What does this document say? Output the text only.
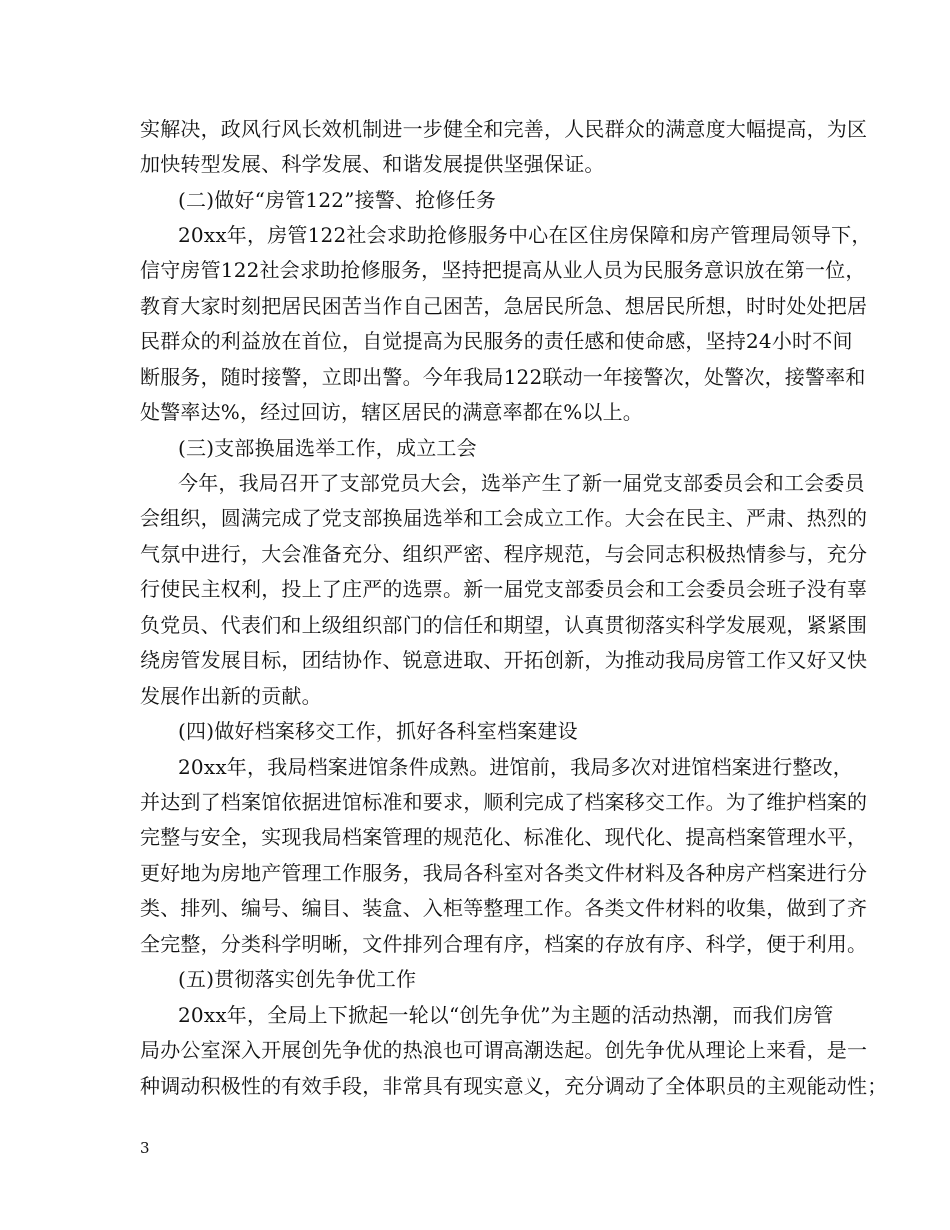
实解决，政风行风长效机制进一步健全和完善，人民群众的满意度大幅提高，为区
加快转型发展、科学发展、和谐发展提供坚强保证。
(二)做好“房管122”接警、抢修任务
20xx年，房管122社会求助抢修服务中心在区住房保障和房产管理局领导下，
信守房管122社会求助抢修服务，坚持把提高从业人员为民服务意识放在第一位，
教育大家时刻把居民困苦当作自己困苦，急居民所急、想居民所想，时时处处把居
民群众的利益放在首位，自觉提高为民服务的责任感和使命感，坚持24小时不间
断服务，随时接警，立即出警。今年我局122联动一年接警次，处警次，接警率和
处警率达%，经过回访，辖区居民的满意率都在%以上。
(三)支部换届选举工作，成立工会
今年，我局召开了支部党员大会，选举产生了新一届党支部委员会和工会委员
会组织，圆满完成了党支部换届选举和工会成立工作。大会在民主、严肃、热烈的
气氛中进行，大会准备充分、组织严密、程序规范，与会同志积极热情参与，充分
行使民主权利，投上了庄严的选票。新一届党支部委员会和工会委员会班子没有辜
负党员、代表们和上级组织部门的信任和期望，认真贯彻落实科学发展观，紧紧围
绕房管发展目标，团结协作、锐意进取、开拓创新，为推动我局房管工作又好又快
发展作出新的贡献。
(四)做好档案移交工作，抓好各科室档案建设
20xx年，我局档案进馆条件成熟。进馆前，我局多次对进馆档案进行整改，
并达到了档案馆依据进馆标准和要求，顺利完成了档案移交工作。为了维护档案的
完整与安全，实现我局档案管理的规范化、标准化、现代化、提高档案管理水平，
更好地为房地产管理工作服务，我局各科室对各类文件材料及各种房产档案进行分
类、排列、编号、编目、装盒、入柜等整理工作。各类文件材料的收集，做到了齐
全完整，分类科学明晰，文件排列合理有序，档案的存放有序、科学，便于利用。
(五)贯彻落实创先争优工作
20xx年，全局上下掀起一轮以“创先争优”为主题的活动热潮，而我们房管
局办公室深入开展创先争优的热浪也可谓高潮迭起。创先争优从理论上来看，是一
种调动积极性的有效手段，非常具有现实意义，充分调动了全体职员的主观能动性；
3
